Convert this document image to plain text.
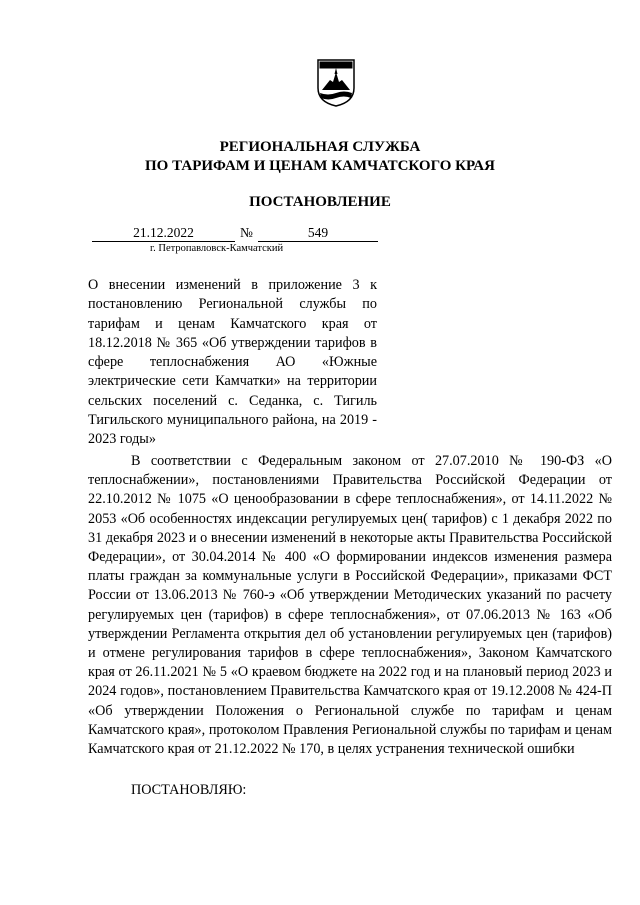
РЕГИОНАЛЬНАЯ СЛУЖБА
ПО ТАРИФАМ И ЦЕНАМ КАМЧАТСКОГО КРАЯ
ПОСТАНОВЛЕНИЕ
21.12.2022	№	549
г. Петропавловск-Камчатский
О внесении изменений в приложение 3 к постановлению Региональной службы по тарифам и ценам Камчатского края от 18.12.2018 № 365 «Об утверждении тарифов в сфере теплоснабжения АО «Южные электрические сети Камчатки» на территории сельских поселений с. Седанка, с. Тигиль Тигильского муниципального района, на 2019 - 2023 годы»
В соответствии с Федеральным законом от 27.07.2010 № 190-ФЗ «О теплоснабжении», постановлениями Правительства Российской Федерации от 22.10.2012 № 1075 «О ценообразовании в сфере теплоснабжения», от 14.11.2022 № 2053 «Об особенностях индексации регулируемых цен( тарифов) с 1 декабря 2022 по 31 декабря 2023 и о внесении изменений в некоторые акты Правительства Российской Федерации», от 30.04.2014 № 400 «О формировании индексов изменения размера платы граждан за коммунальные услуги в Российской Федерации», приказами ФСТ России от 13.06.2013 № 760-э «Об утверждении Методических указаний по расчету регулируемых цен (тарифов) в сфере теплоснабжения», от 07.06.2013 № 163 «Об утверждении Регламента открытия дел об установлении регулируемых цен (тарифов) и отмене регулирования тарифов в сфере теплоснабжения», Законом Камчатского края от 26.11.2021 № 5 «О краевом бюджете на 2022 год и на плановый период 2023 и 2024 годов», постановлением Правительства Камчатского края от 19.12.2008 № 424-П «Об утверждении Положения о Региональной службе по тарифам и ценам Камчатского края», протоколом Правления Региональной службы по тарифам и ценам Камчатского края от 21.12.2022 № 170, в целях устранения технической ошибки
ПОСТАНОВЛЯЮ:
